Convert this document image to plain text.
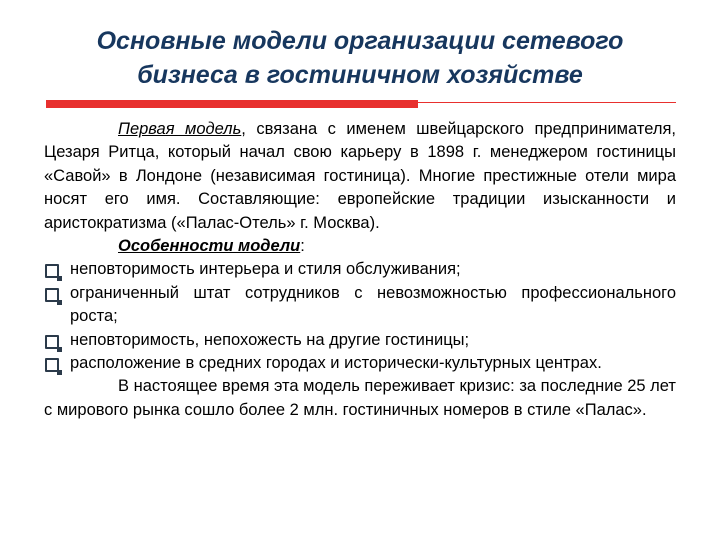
Основные модели организации сетевого
бизнеса в гостиничном хозяйстве

Первая модель, связана с именем швейцарского предпринимателя, Цезаря Ритца, который начал свою карьеру в 1898 г. менеджером гостиницы «Савой» в Лондоне (независимая гостиница). Многие престижные отели мира носят его имя. Составляющие: европейские традиции изысканности и аристократизма («Палас-Отель» г. Москва).

Особенности модели:

неповторимость интерьера и стиля обслуживания;
ограниченный штат сотрудников с невозможностью профессионального роста;
неповторимость, непохожесть на другие гостиницы;
расположение в средних городах и исторически-культурных центрах.

В настоящее время эта модель переживает кризис: за последние 25 лет с мирового рынка сошло более 2 млн. гостиничных номеров в стиле «Палас».
